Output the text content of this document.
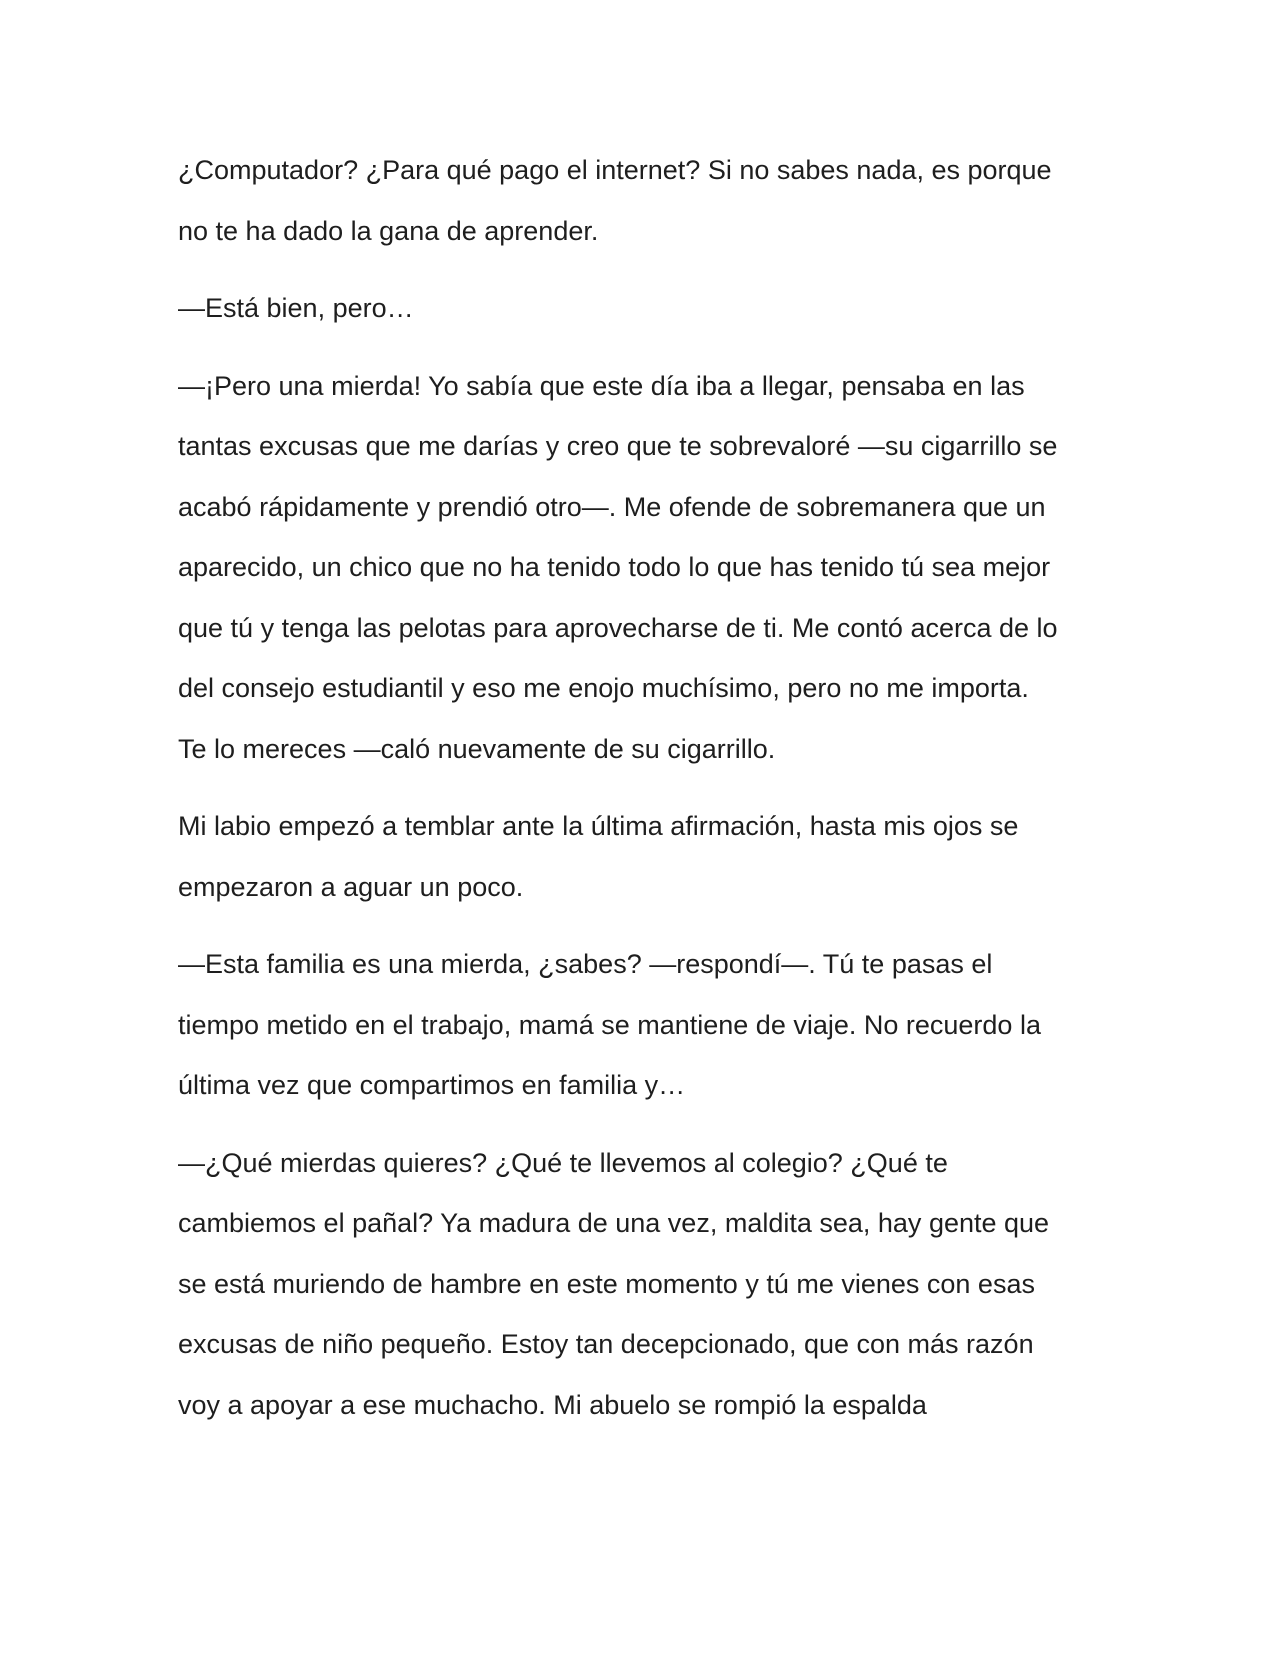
¿Computador? ¿Para qué pago el internet? Si no sabes nada, es porque
no te ha dado la gana de aprender.

—Está bien, pero…

—¡Pero una mierda! Yo sabía que este día iba a llegar, pensaba en las
tantas excusas que me darías y creo que te sobrevaloré —su cigarrillo se
acabó rápidamente y prendió otro—. Me ofende de sobremanera que un
aparecido, un chico que no ha tenido todo lo que has tenido tú sea mejor
que tú y tenga las pelotas para aprovecharse de ti. Me contó acerca de lo
del consejo estudiantil y eso me enojo muchísimo, pero no me importa.
Te lo mereces —caló nuevamente de su cigarrillo.

Mi labio empezó a temblar ante la última afirmación, hasta mis ojos se
empezaron a aguar un poco.

—Esta familia es una mierda, ¿sabes? —respondí—. Tú te pasas el
tiempo metido en el trabajo, mamá se mantiene de viaje. No recuerdo la
última vez que compartimos en familia y…

—¿Qué mierdas quieres? ¿Qué te llevemos al colegio? ¿Qué te
cambiemos el pañal? Ya madura de una vez, maldita sea, hay gente que
se está muriendo de hambre en este momento y tú me vienes con esas
excusas de niño pequeño. Estoy tan decepcionado, que con más razón
voy a apoyar a ese muchacho. Mi abuelo se rompió la espalda
